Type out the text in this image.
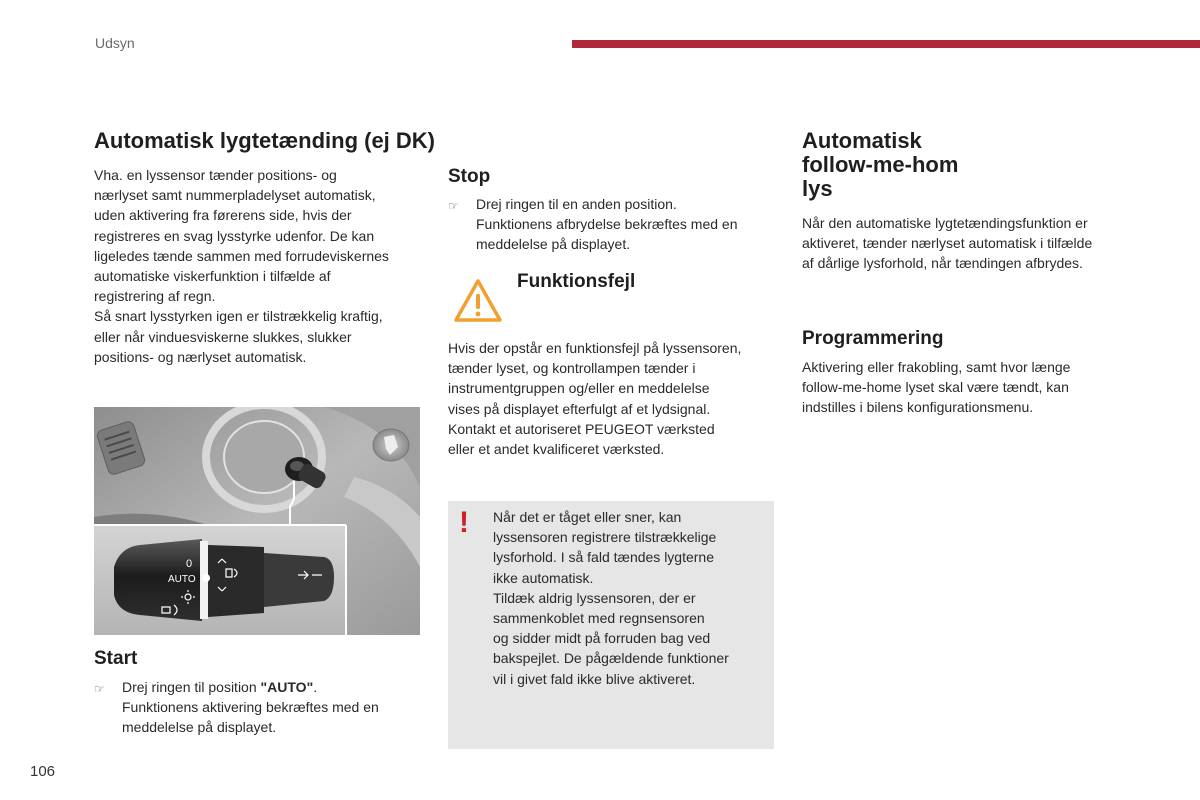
Udsyn
Automatisk lygtetænding (ej DK)
Vha. en lyssensor tænder positions- og
nærlyset samt nummerpladelyset automatisk,
uden aktivering fra førerens side, hvis der
registreres en svag lysstyrke udenfor. De kan
ligeledes tænde sammen med forrudeviskernes
automatiske viskerfunktion i tilfælde af
registrering af regn.
Så snart lysstyrken igen er tilstrækkelig kraftig,
eller når vinduesviskerne slukkes, slukker
positions- og nærlyset automatisk.
0
AUTO
Start
☞	Drej ringen til position "AUTO".
Funktionens aktivering bekræftes med en
meddelelse på displayet.
Stop
☞	Drej ringen til en anden position.
Funktionens afbrydelse bekræftes med en
meddelelse på displayet.
Funktionsfejl
Hvis der opstår en funktionsfejl på lyssensoren,
tænder lyset, og kontrollampen tænder i
instrumentgruppen og/eller en meddelelse
vises på displayet efterfulgt af et lydsignal.
Kontakt et autoriseret PEUGEOT værksted
eller et andet kvalificeret værksted.
!	Når det er tåget eller sner, kan
lyssensoren registrere tilstrækkelige
lysforhold. I så fald tændes lygterne
ikke automatisk.
Tildæk aldrig lyssensoren, der er
sammenkoblet med regnsensoren
og sidder midt på forruden bag ved
bakspejlet. De pågældende funktioner
vil i givet fald ikke blive aktiveret.
Automatisk
follow-me-hom
lys
Når den automatiske lygtetændingsfunktion er
aktiveret, tænder nærlyset automatisk i tilfælde
af dårlige lysforhold, når tændingen afbrydes.
Programmering
Aktivering eller frakobling, samt hvor længe
follow-me-home lyset skal være tændt, kan
indstilles i bilens konfigurationsmenu.
106
